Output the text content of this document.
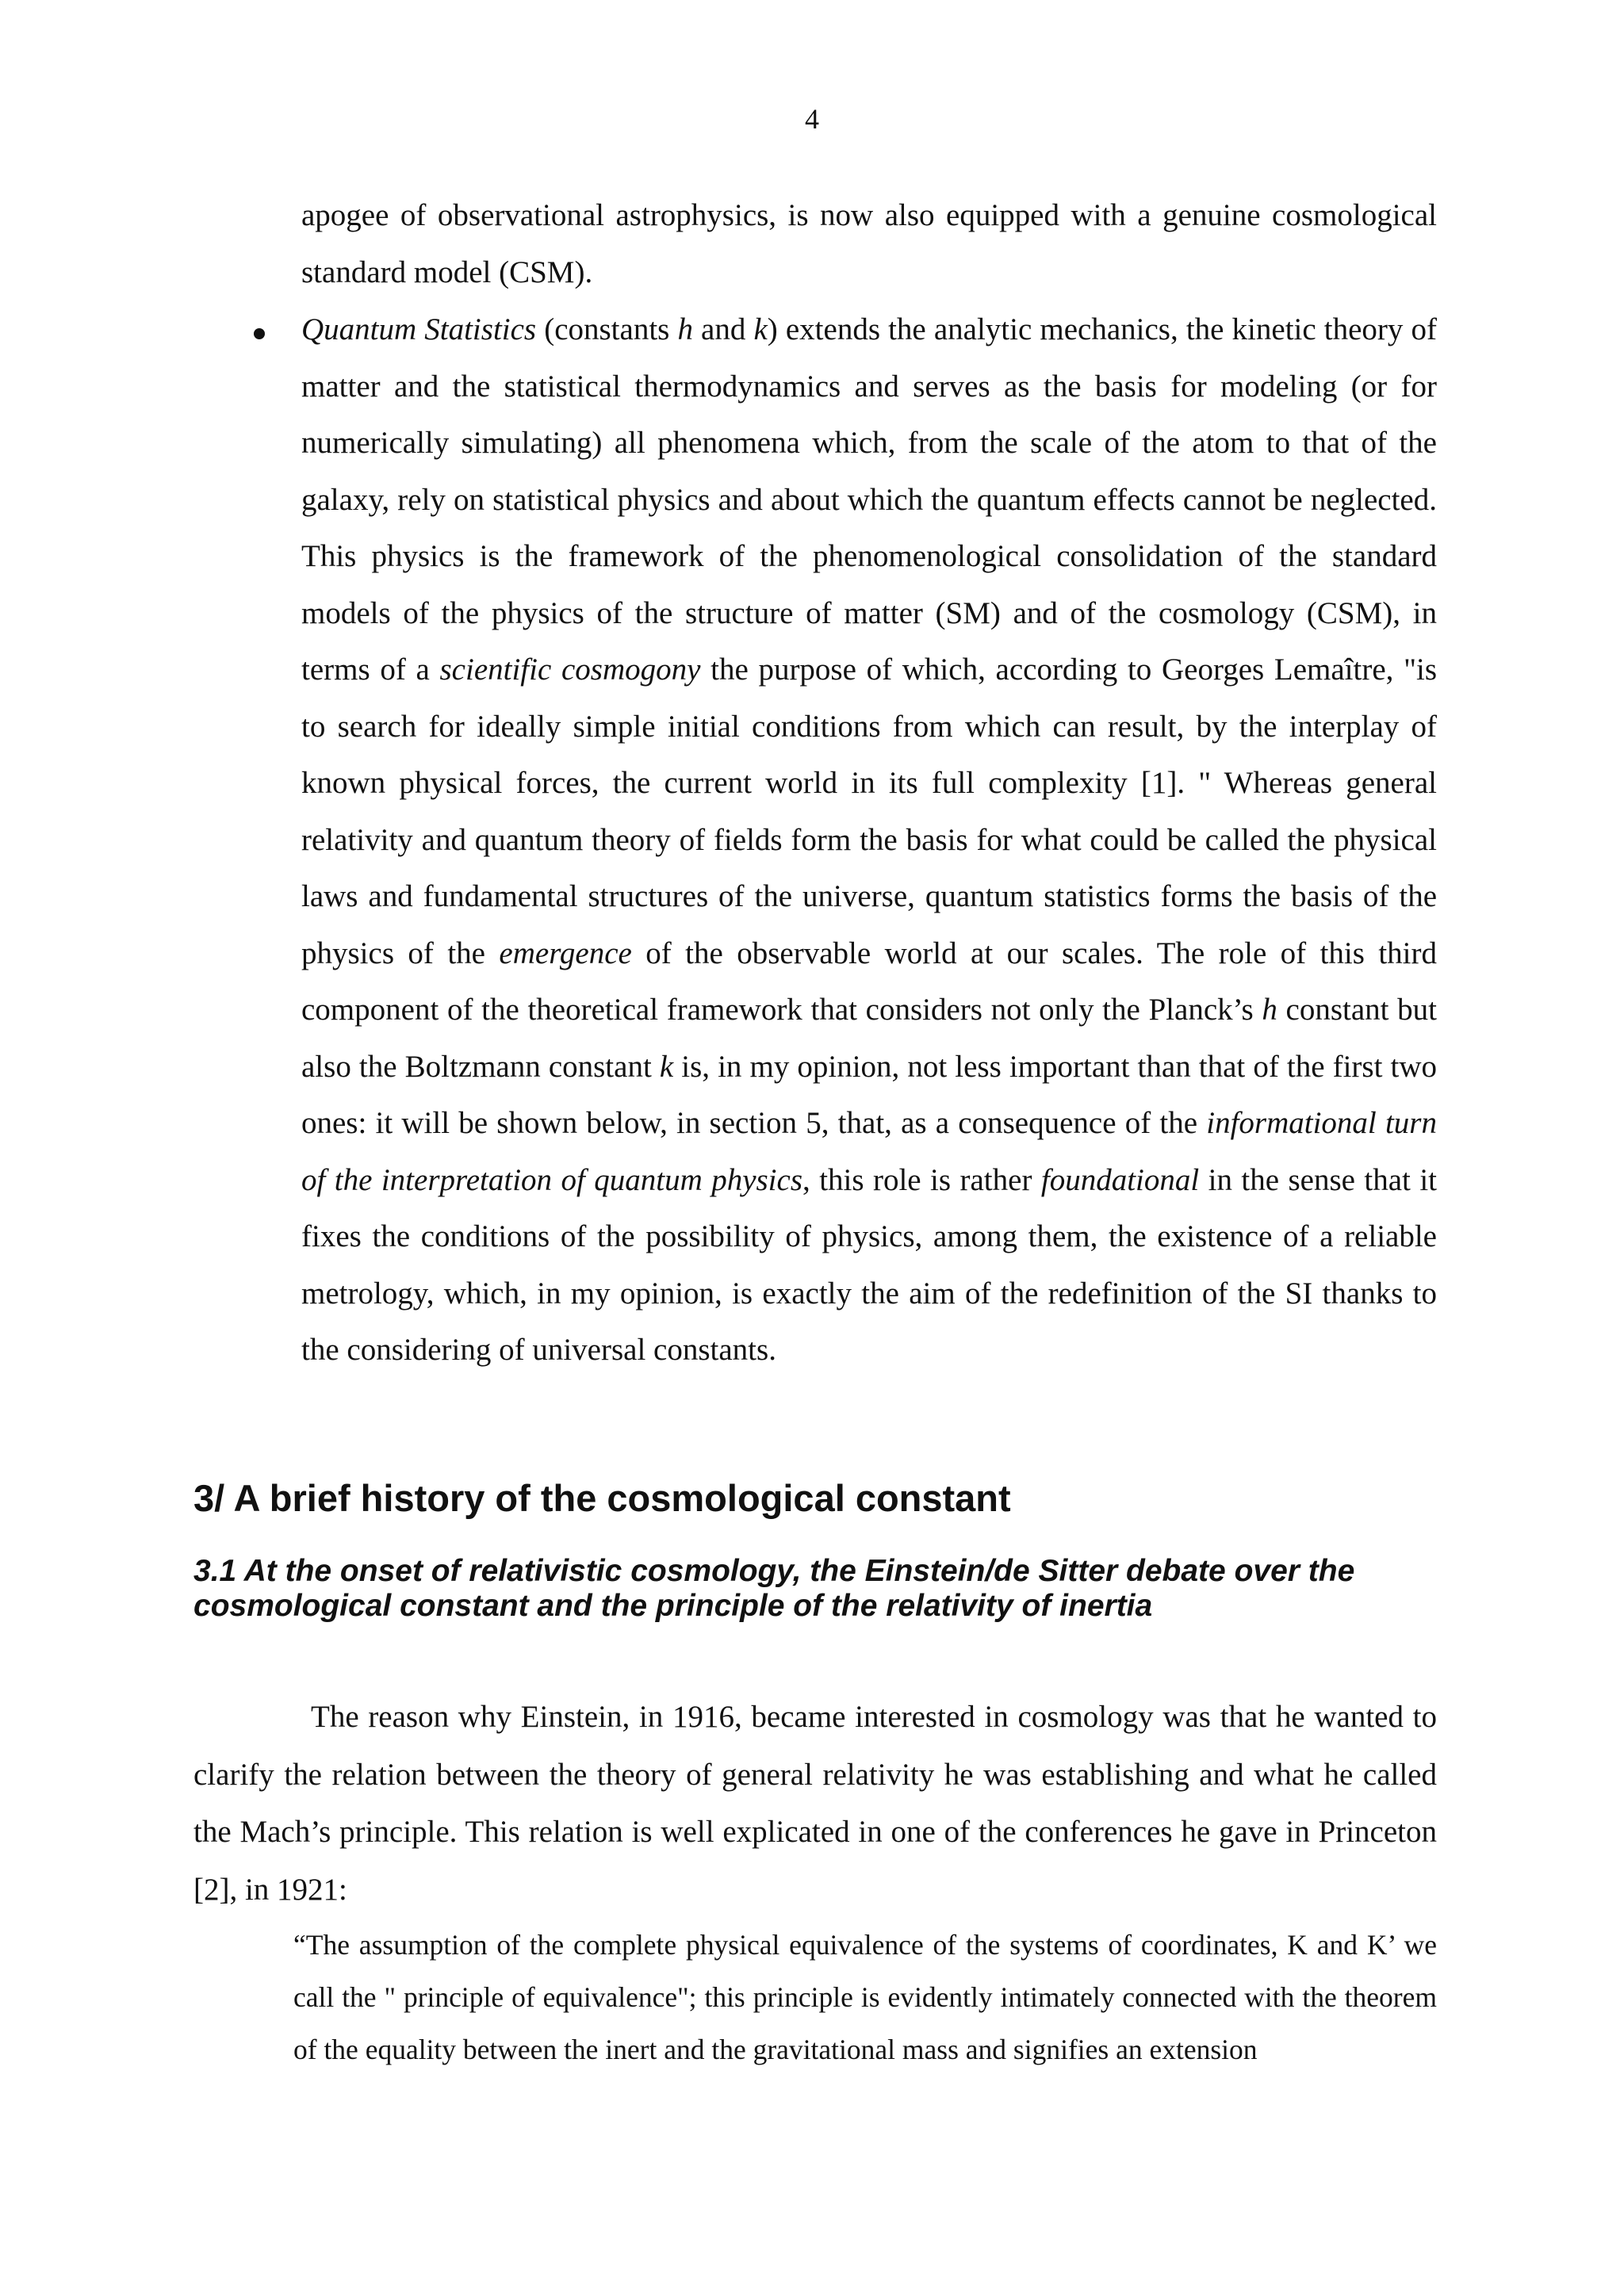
4

apogee of observational astrophysics, is now also equipped with a genuine cosmological standard model (CSM).

Quantum Statistics (constants h and k) extends the analytic mechanics, the kinetic theory of matter and the statistical thermodynamics and serves as the basis for modeling (or for numerically simulating) all phenomena which, from the scale of the atom to that of the galaxy, rely on statistical physics and about which the quantum effects cannot be neglected. This physics is the framework of the phenomenological consolidation of the standard models of the physics of the structure of matter (SM) and of the cosmology (CSM), in terms of a scientific cosmogony the purpose of which, according to Georges Lemaître, "is to search for ideally simple initial conditions from which can result, by the interplay of known physical forces, the current world in its full complexity [1]. " Whereas general relativity and quantum theory of fields form the basis for what could be called the physical laws and fundamental structures of the universe, quantum statistics forms the basis of the physics of the emergence of the observable world at our scales. The role of this third component of the theoretical framework that considers not only the Planck’s h constant but also the Boltzmann constant k is, in my opinion, not less important than that of the first two ones: it will be shown below, in section 5, that, as a consequence of the informational turn of the interpretation of quantum physics, this role is rather foundational in the sense that it fixes the conditions of the possibility of physics, among them, the existence of a reliable metrology, which, in my opinion, is exactly the aim of the redefinition of the SI thanks to the considering of universal constants.

3/ A brief history of the cosmological constant
3.1 At the onset of relativistic cosmology, the Einstein/de Sitter debate over the cosmological constant and the principle of the relativity of inertia

The reason why Einstein, in 1916, became interested in cosmology was that he wanted to clarify the relation between the theory of general relativity he was establishing and what he called the Mach’s principle. This relation is well explicated in one of the conferences he gave in Princeton [2], in 1921:

“The assumption of the complete physical equivalence of the systems of coordinates, K and K’ we call the " principle of equivalence"; this principle is evidently intimately connected with the theorem of the equality between the inert and the gravitational mass and signifies an extension
